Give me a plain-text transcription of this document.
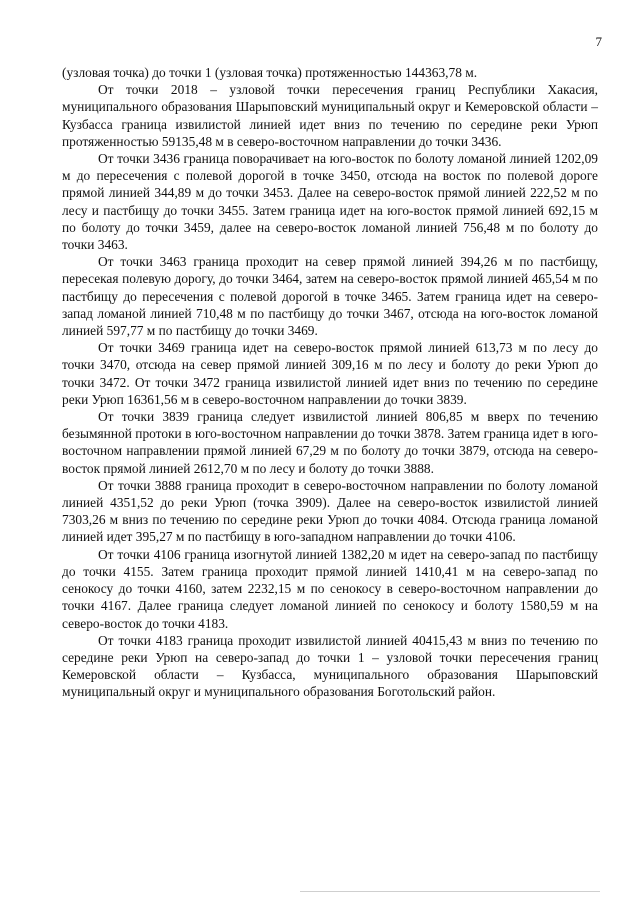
7

(узловая точка) до точки 1 (узловая точка) протяженностью 144363,78 м.

От точки 2018 – узловой точки пересечения границ Республики Хакасия, муниципального образования Шарыповский муниципальный округ и Кемеровской области – Кузбасса граница извилистой линией идет вниз по течению по середине реки Урюп протяженностью 59135,48 м в северо-восточном направлении до точки 3436.

От точки 3436 граница поворачивает на юго-восток по болоту ломаной линией 1202,09 м до пересечения с полевой дорогой в точке 3450, отсюда на восток по полевой дороге прямой линией 344,89 м до точки 3453. Далее на северо-восток прямой линией 222,52 м по лесу и пастбищу до точки 3455. Затем граница идет на юго-восток прямой линией 692,15 м по болоту до точки 3459, далее на северо-восток ломаной линией 756,48 м по болоту до точки 3463.

От точки 3463 граница проходит на север прямой линией 394,26 м по пастбищу, пересекая полевую дорогу, до точки 3464, затем на северо-восток прямой линией 465,54 м по пастбищу до пересечения с полевой дорогой в точке 3465. Затем граница идет на северо-запад ломаной линией 710,48 м по пастбищу до точки 3467, отсюда на юго-восток ломаной линией 597,77 м по пастбищу до точки 3469.

От точки 3469 граница идет на северо-восток прямой линией 613,73 м по лесу до точки 3470, отсюда на север прямой линией 309,16 м по лесу и болоту до реки Урюп до точки 3472. От точки 3472 граница извилистой линией идет вниз по течению по середине реки Урюп 16361,56 м в северо-восточном направлении до точки 3839.

От точки 3839 граница следует извилистой линией 806,85 м вверх по течению безымянной протоки в юго-восточном направлении до точки 3878. Затем граница идет в юго-восточном направлении прямой линией 67,29 м по болоту до точки 3879, отсюда на северо-восток прямой линией 2612,70 м по лесу и болоту до точки 3888.

От точки 3888 граница проходит в северо-восточном направлении по болоту ломаной линией 4351,52 до реки Урюп (точка 3909). Далее на северо-восток извилистой линией 7303,26 м вниз по течению по середине реки Урюп до точки 4084. Отсюда граница ломаной линией идет 395,27 м по пастбищу в юго-западном направлении до точки 4106.

От точки 4106 граница изогнутой линией 1382,20 м идет на северо-запад по пастбищу до точки 4155. Затем граница проходит прямой линией 1410,41 м на северо-запад по сенокосу до точки 4160, затем 2232,15 м по сенокосу в северо-восточном направлении до точки 4167. Далее граница следует ломаной линией по сенокосу и болоту 1580,59 м на северо-восток до точки 4183.

От точки 4183 граница проходит извилистой линией 40415,43 м вниз по течению по середине реки Урюп на северо-запад до точки 1 – узловой точки пересечения границ Кемеровской области – Кузбасса, муниципального образования Шарыповский муниципальный округ и муниципального образования Боготольский район.
